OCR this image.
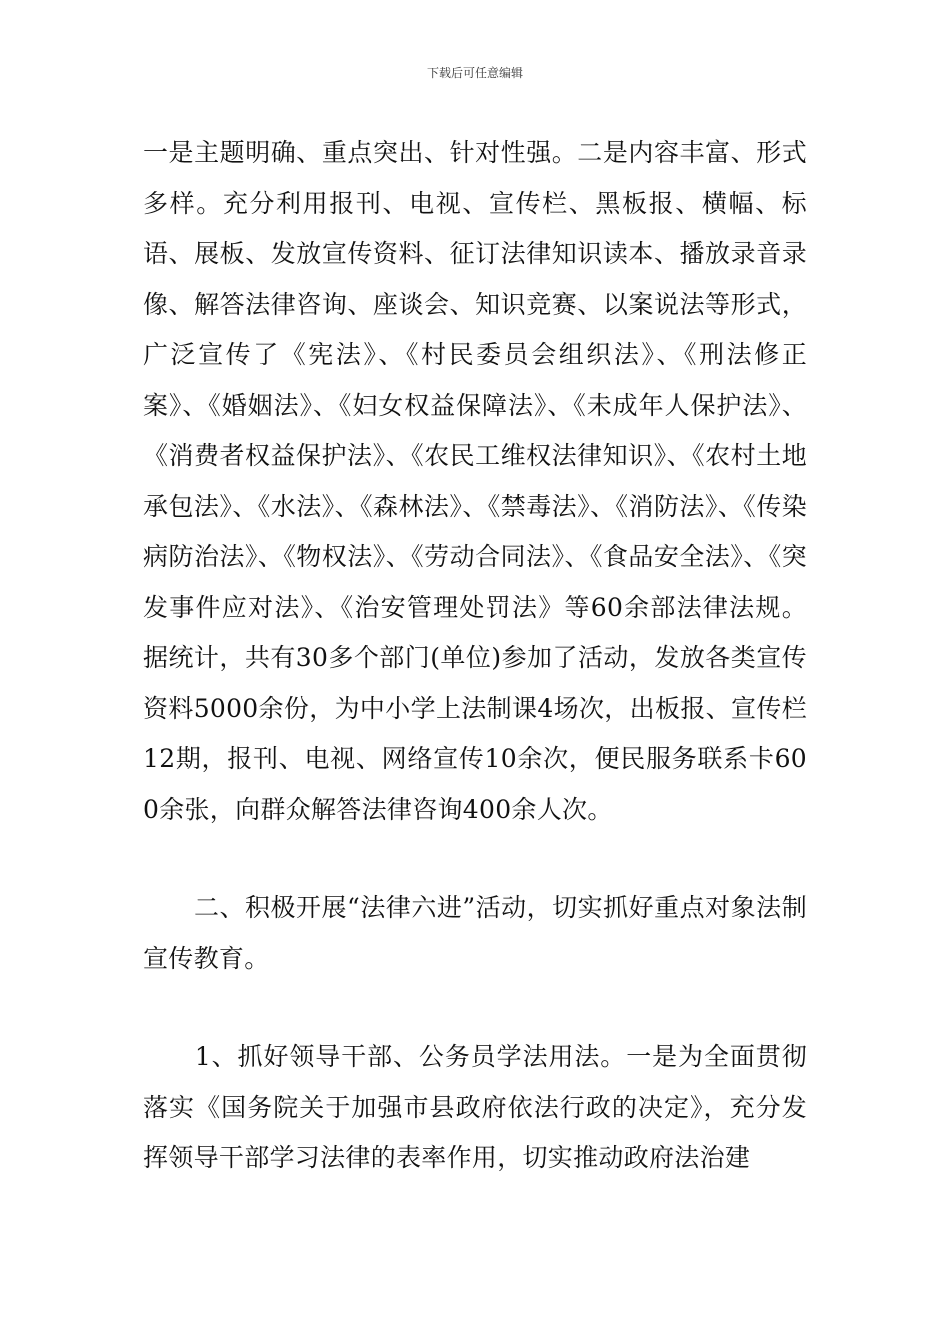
下载后可任意编辑

一是主题明确、重点突出、针对性强。二是内容丰富、形式多样。充分利用报刊、电视、宣传栏、黑板报、横幅、标语、展板、发放宣传资料、征订法律知识读本、播放录音录像、解答法律咨询、座谈会、知识竞赛、以案说法等形式，广泛宣传了《宪法》、《村民委员会组织法》、《刑法修正案》、《婚姻法》、《妇女权益保障法》、《未成年人保护法》、《消费者权益保护法》、《农民工维权法律知识》、《农村土地承包法》、《水法》、《森林法》、《禁毒法》、《消防法》、《传染病防治法》、《物权法》、《劳动合同法》、《食品安全法》、《突发事件应对法》、《治安管理处罚法》等60余部法律法规。据统计，共有30多个部门(单位)参加了活动，发放各类宣传资料5000余份，为中小学上法制课4场次，出板报、宣传栏12期，报刊、电视、网络宣传10余次，便民服务联系卡600余张，向群众解答法律咨询400余人次。

　　二、积极开展“法律六进”活动，切实抓好重点对象法制宣传教育。

　　1、抓好领导干部、公务员学法用法。一是为全面贯彻落实《国务院关于加强市县政府依法行政的决定》，充分发挥领导干部学习法律的表率作用，切实推动政府法治建
